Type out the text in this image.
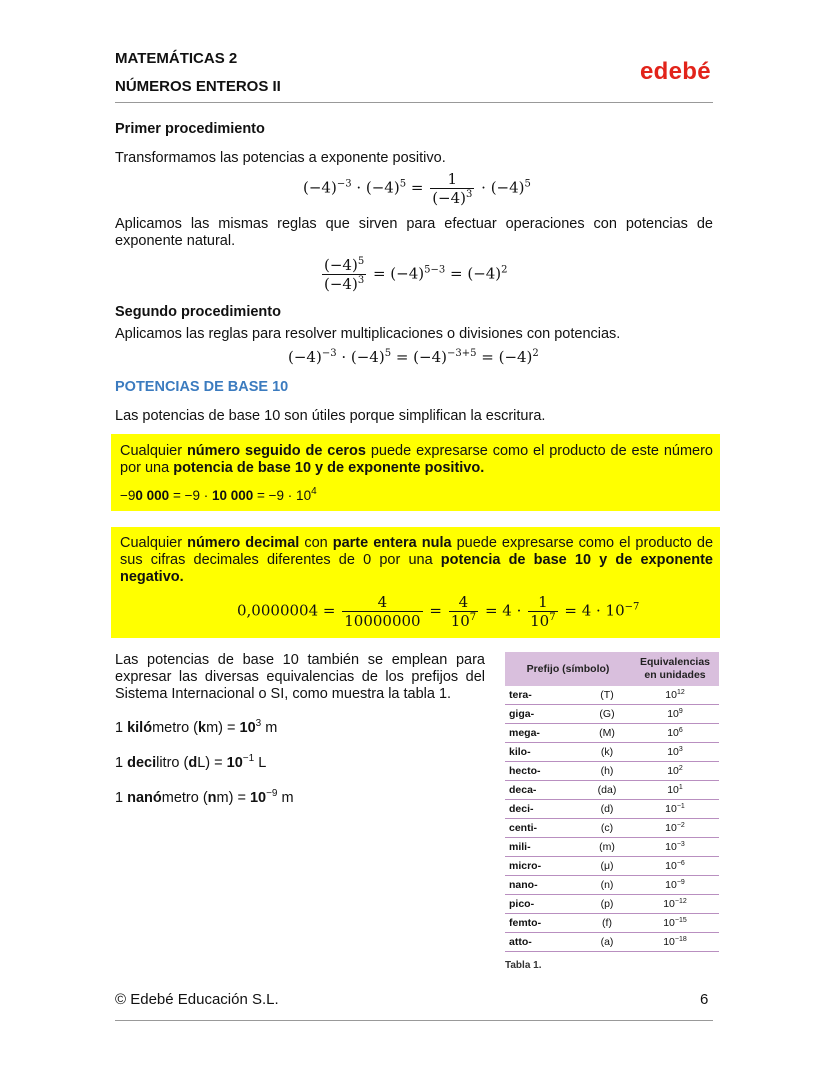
MATEMÁTICAS 2
NÚMEROS ENTEROS II
edebé
Primer procedimiento
Transformamos las potencias a exponente positivo.
$(-4)^{-3} \cdot (-4)^5 = \frac{1}{(-4)^3} \cdot (-4)^5$
Aplicamos las mismas reglas que sirven para efectuar operaciones con potencias de exponente natural.
$\frac{(-4)^5}{(-4)^3} = (-4)^{5-3} = (-4)^2$
Segundo procedimiento
Aplicamos las reglas para resolver multiplicaciones o divisiones con potencias.
$(-4)^{-3} \cdot (-4)^5 = (-4)^{-3+5} = (-4)^2$
POTENCIAS DE BASE 10
Las potencias de base 10 son útiles porque simplifican la escritura.
Cualquier número seguido de ceros puede expresarse como el producto de este número por una potencia de base 10 y de exponente positivo.
−90 000 = −9 · 10 $000 = -9 \cdot 10^4$
Cualquier número decimal con parte entera nula puede expresarse como el producto de sus cifras decimales diferentes de 0 por una potencia de base 10 y de exponente negativo.
$0,0000004 = \frac{4}{10000000} = \frac{4}{10^7} = 4 \cdot \frac{1}{10^7} = 4 \cdot 10^{-7}$
Las potencias de base 10 también se emplean para expresar las diversas equivalencias de los prefijos del Sistema Internacional o SI, como muestra la tabla 1.
1 kilómetro $(km) = 10^3$ m
1 decilitro $(dL) = 10^{-1}$ L
1 nanómetro $(nm) = 10^{-9}$ m
Prefijo (símbolo)		Equivalencias en unidades
tera-	(T)	$10^{12}$
giga-	(G)	$10^9$
mega-	(M)	$10^6$
kilo-	(k)	$10^3$
hecto-	(h)	$10^2$
deca-	(da)	$10^1$
deci-	(d)	$10^{-1}$
centi-	(c)	$10^{-2}$
mili-	(m)	$10^{-3}$
micro-	(μ)	$10^{-6}$
nano-	(n)	$10^{-9}$
pico-	(p)	$10^{-12}$
femto-	(f)	$10^{-15}$
atto-	(a)	$10^{-18}$
Tabla 1.
© Edebé Educación S.L.	6
